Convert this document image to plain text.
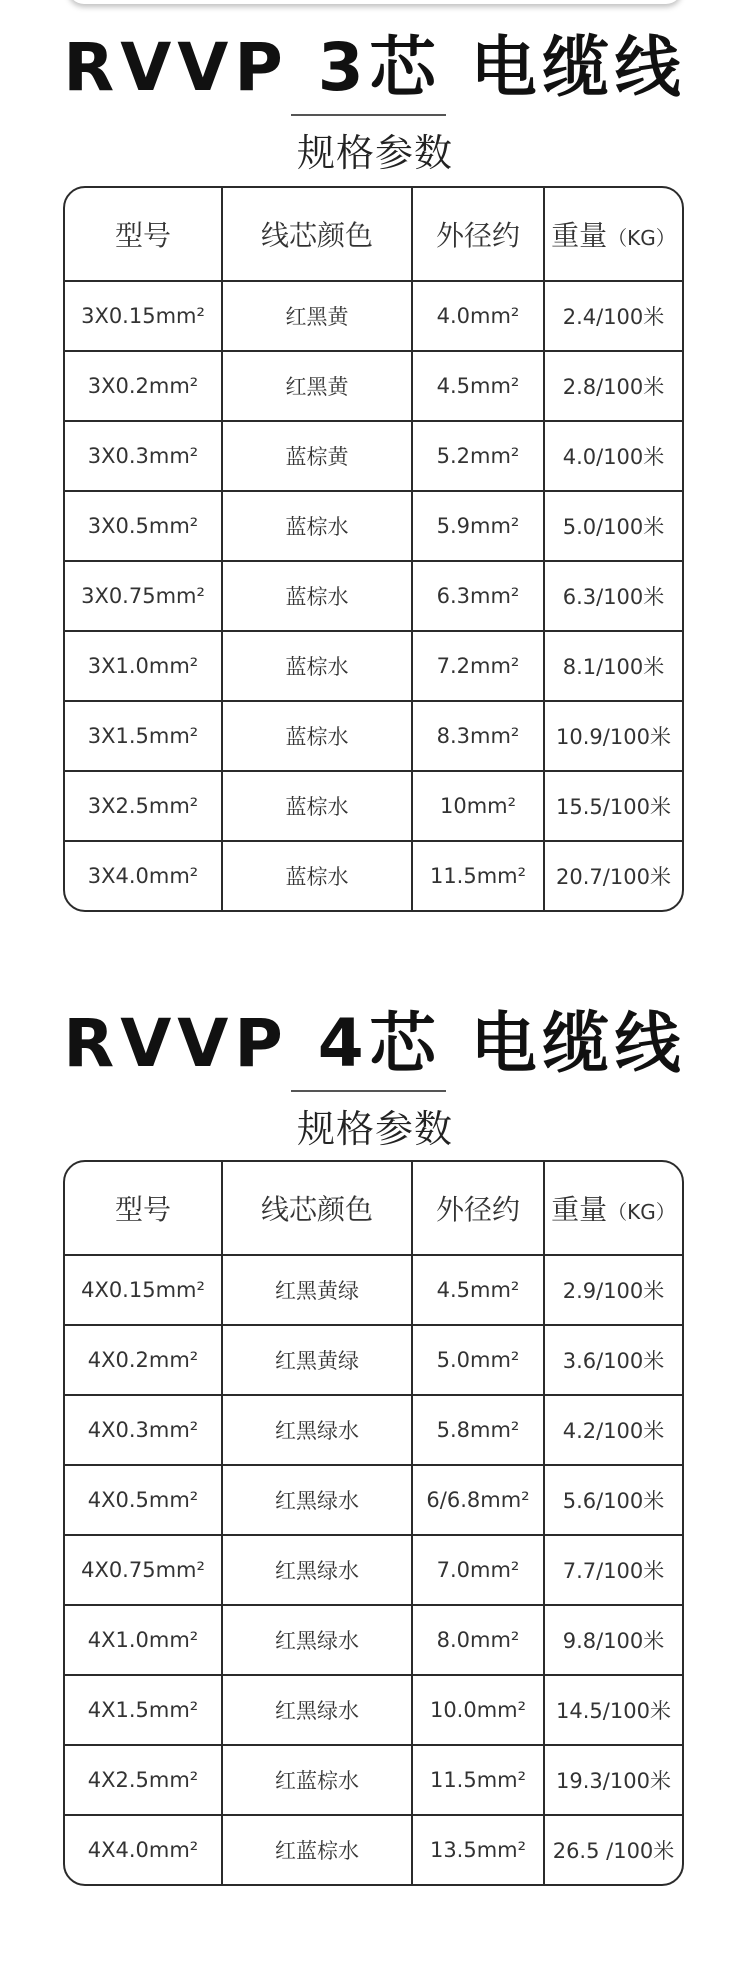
RVVP 3芯 电缆线
规格参数
型号	线芯颜色	外径约	重量（KG）
3X0.15mm²	红黑黄	4.0mm²	2.4/100米
3X0.2mm²	红黑黄	4.5mm²	2.8/100米
3X0.3mm²	蓝棕黄	5.2mm²	4.0/100米
3X0.5mm²	蓝棕水	5.9mm²	5.0/100米
3X0.75mm²	蓝棕水	6.3mm²	6.3/100米
3X1.0mm²	蓝棕水	7.2mm²	8.1/100米
3X1.5mm²	蓝棕水	8.3mm²	10.9/100米
3X2.5mm²	蓝棕水	10mm²	15.5/100米
3X4.0mm²	蓝棕水	11.5mm²	20.7/100米
RVVP 4芯 电缆线
规格参数
型号	线芯颜色	外径约	重量（KG）
4X0.15mm²	红黑黄绿	4.5mm²	2.9/100米
4X0.2mm²	红黑黄绿	5.0mm²	3.6/100米
4X0.3mm²	红黑绿水	5.8mm²	4.2/100米
4X0.5mm²	红黑绿水	6/6.8mm²	5.6/100米
4X0.75mm²	红黑绿水	7.0mm²	7.7/100米
4X1.0mm²	红黑绿水	8.0mm²	9.8/100米
4X1.5mm²	红黑绿水	10.0mm²	14.5/100米
4X2.5mm²	红蓝棕水	11.5mm²	19.3/100米
4X4.0mm²	红蓝棕水	13.5mm²	26.5 /100米
